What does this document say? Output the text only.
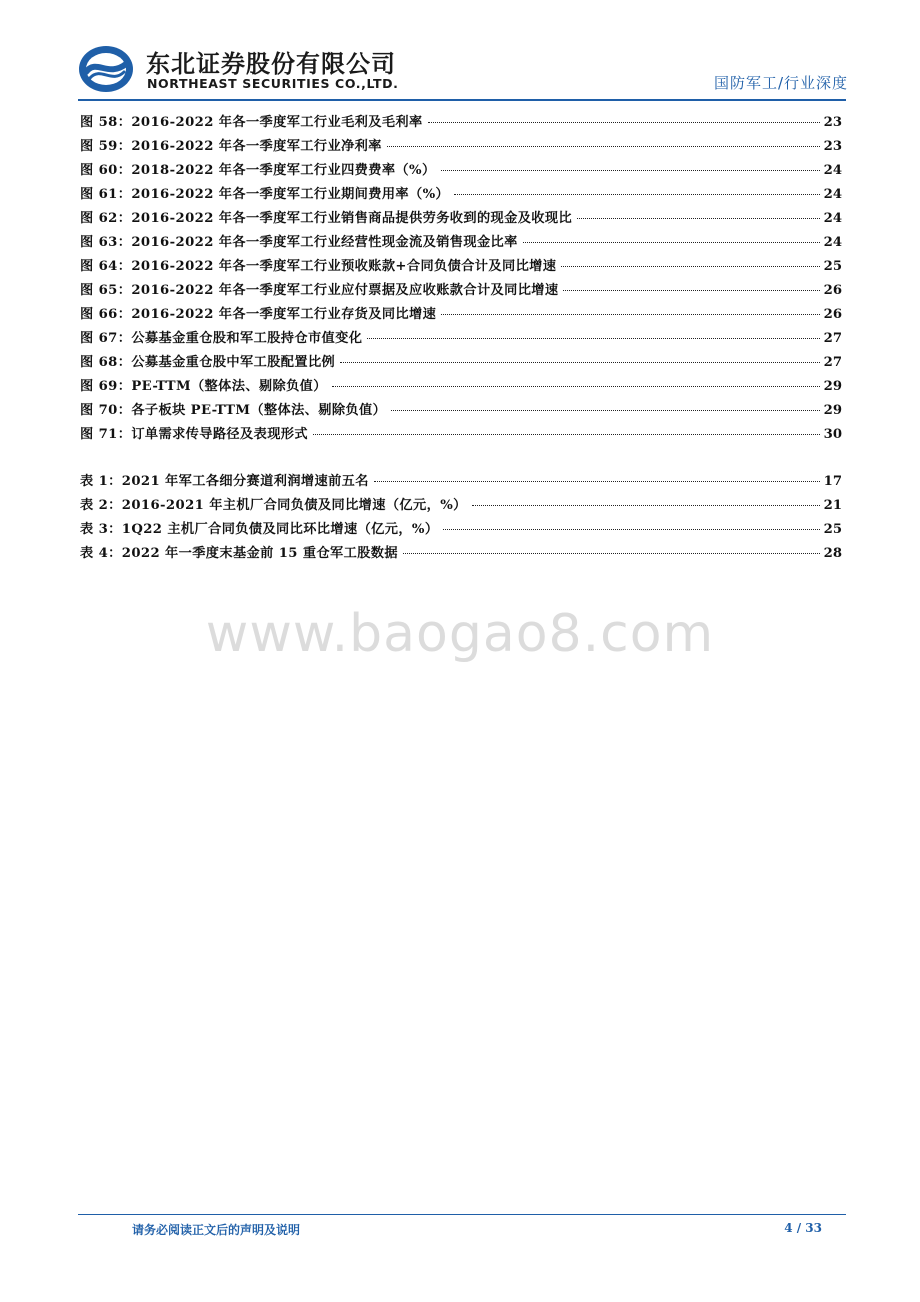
东北证券股份有限公司
NORTHEAST SECURITIES CO.,LTD.	国防军工/行业深度
图 58：2016-2022 年各一季度军工行业毛利及毛利率	23
图 59：2016-2022 年各一季度军工行业净利率	23
图 60：2018-2022 年各一季度军工行业四费费率（%）	24
图 61：2016-2022 年各一季度军工行业期间费用率（%）	24
图 62：2016-2022 年各一季度军工行业销售商品提供劳务收到的现金及收现比	24
图 63：2016-2022 年各一季度军工行业经营性现金流及销售现金比率	24
图 64：2016-2022 年各一季度军工行业预收账款+合同负债合计及同比增速	25
图 65：2016-2022 年各一季度军工行业应付票据及应收账款合计及同比增速	26
图 66：2016-2022 年各一季度军工行业存货及同比增速	26
图 67：公募基金重仓股和军工股持仓市值变化	27
图 68：公募基金重仓股中军工股配置比例	27
图 69：PE-TTM（整体法、剔除负值）	29
图 70：各子板块 PE-TTM（整体法、剔除负值）	29
图 71：订单需求传导路径及表现形式	30
表 1：2021 年军工各细分赛道利润增速前五名	17
表 2：2016-2021 年主机厂合同负债及同比增速（亿元，%）	21
表 3：1Q22 主机厂合同负债及同比环比增速（亿元，%）	25
表 4：2022 年一季度末基金前 15 重仓军工股数据	28
www.baogao8.com
请务必阅读正文后的声明及说明	4 / 33
